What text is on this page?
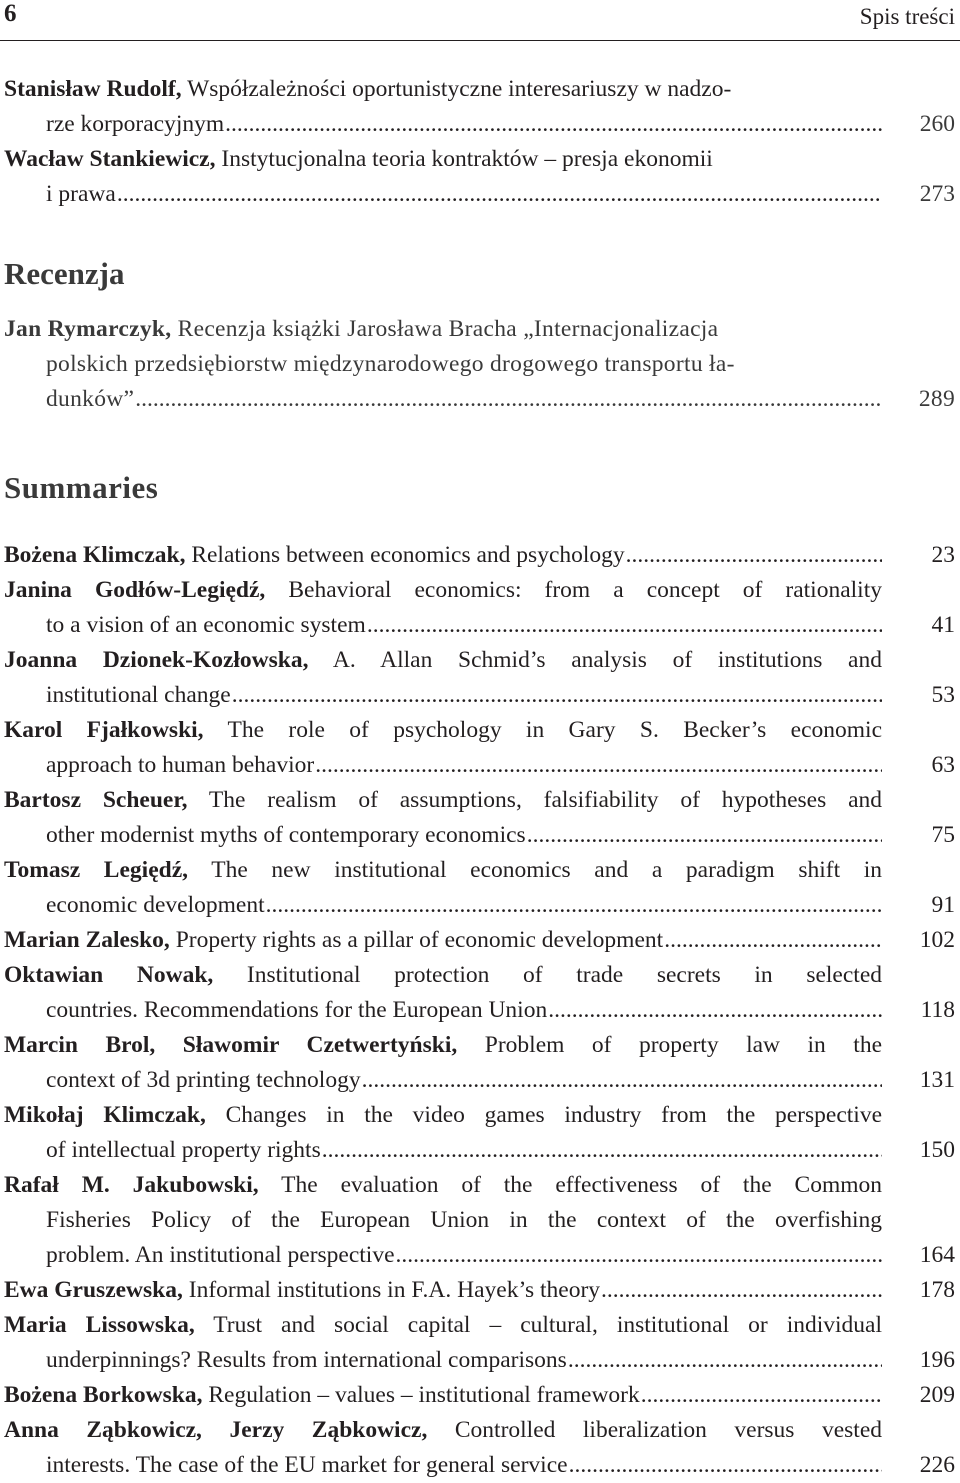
6	Spis treści
Stanisław Rudolf, Współzależności oportunistyczne interesariuszy w nadzo-
rze korporacyjnym .....	260
Wacław Stankiewicz, Instytucjonalna teoria kontraktów – presja ekonomii
i prawa .....	273
Recenzja
Jan Rymarczyk, Recenzja książki Jarosława Bracha „Internacjonalizacja
polskich przedsiębiorstw międzynarodowego drogowego transportu ła-
dunków” .....	289
Summaries
Bożena Klimczak, Relations between economics and psychology .....	23
Janina Godłów-Legiędź, Behavioral economics: from a concept of rationality
to a vision of an economic system .....	41
Joanna Dzionek-Kozłowska, A. Allan Schmid’s analysis of institutions and
institutional change .....	53
Karol Fjałkowski, The role of psychology in Gary S. Becker’s economic
approach to human behavior .....	63
Bartosz Scheuer, The realism of assumptions, falsifiability of hypotheses and
other modernist myths of contemporary economics .....	75
Tomasz Legiędź, The new institutional economics and a paradigm shift in
economic development .....	91
Marian Zalesko, Property rights as a pillar of economic development .....	102
Oktawian Nowak, Institutional protection of trade secrets in selected
countries. Recommendations for the European Union .....	118
Marcin Brol, Sławomir Czetwertyński, Problem of property law in the
context of 3d printing technology .....	131
Mikołaj Klimczak, Changes in the video games industry from the perspective
of intellectual property rights .....	150
Rafał M. Jakubowski, The evaluation of the effectiveness of the Common
Fisheries Policy of the European Union in the context of the overfishing
problem. An institutional perspective .....	164
Ewa Gruszewska, Informal institutions in F.A. Hayek’s theory .....	178
Maria Lissowska, Trust and social capital – cultural, institutional or individual
underpinnings? Results from international comparisons .....	196
Bożena Borkowska, Regulation – values – institutional framework .....	209
Anna Ząbkowicz, Jerzy Ząbkowicz, Controlled liberalization versus vested
interests. The case of the EU market for general service .....	226
